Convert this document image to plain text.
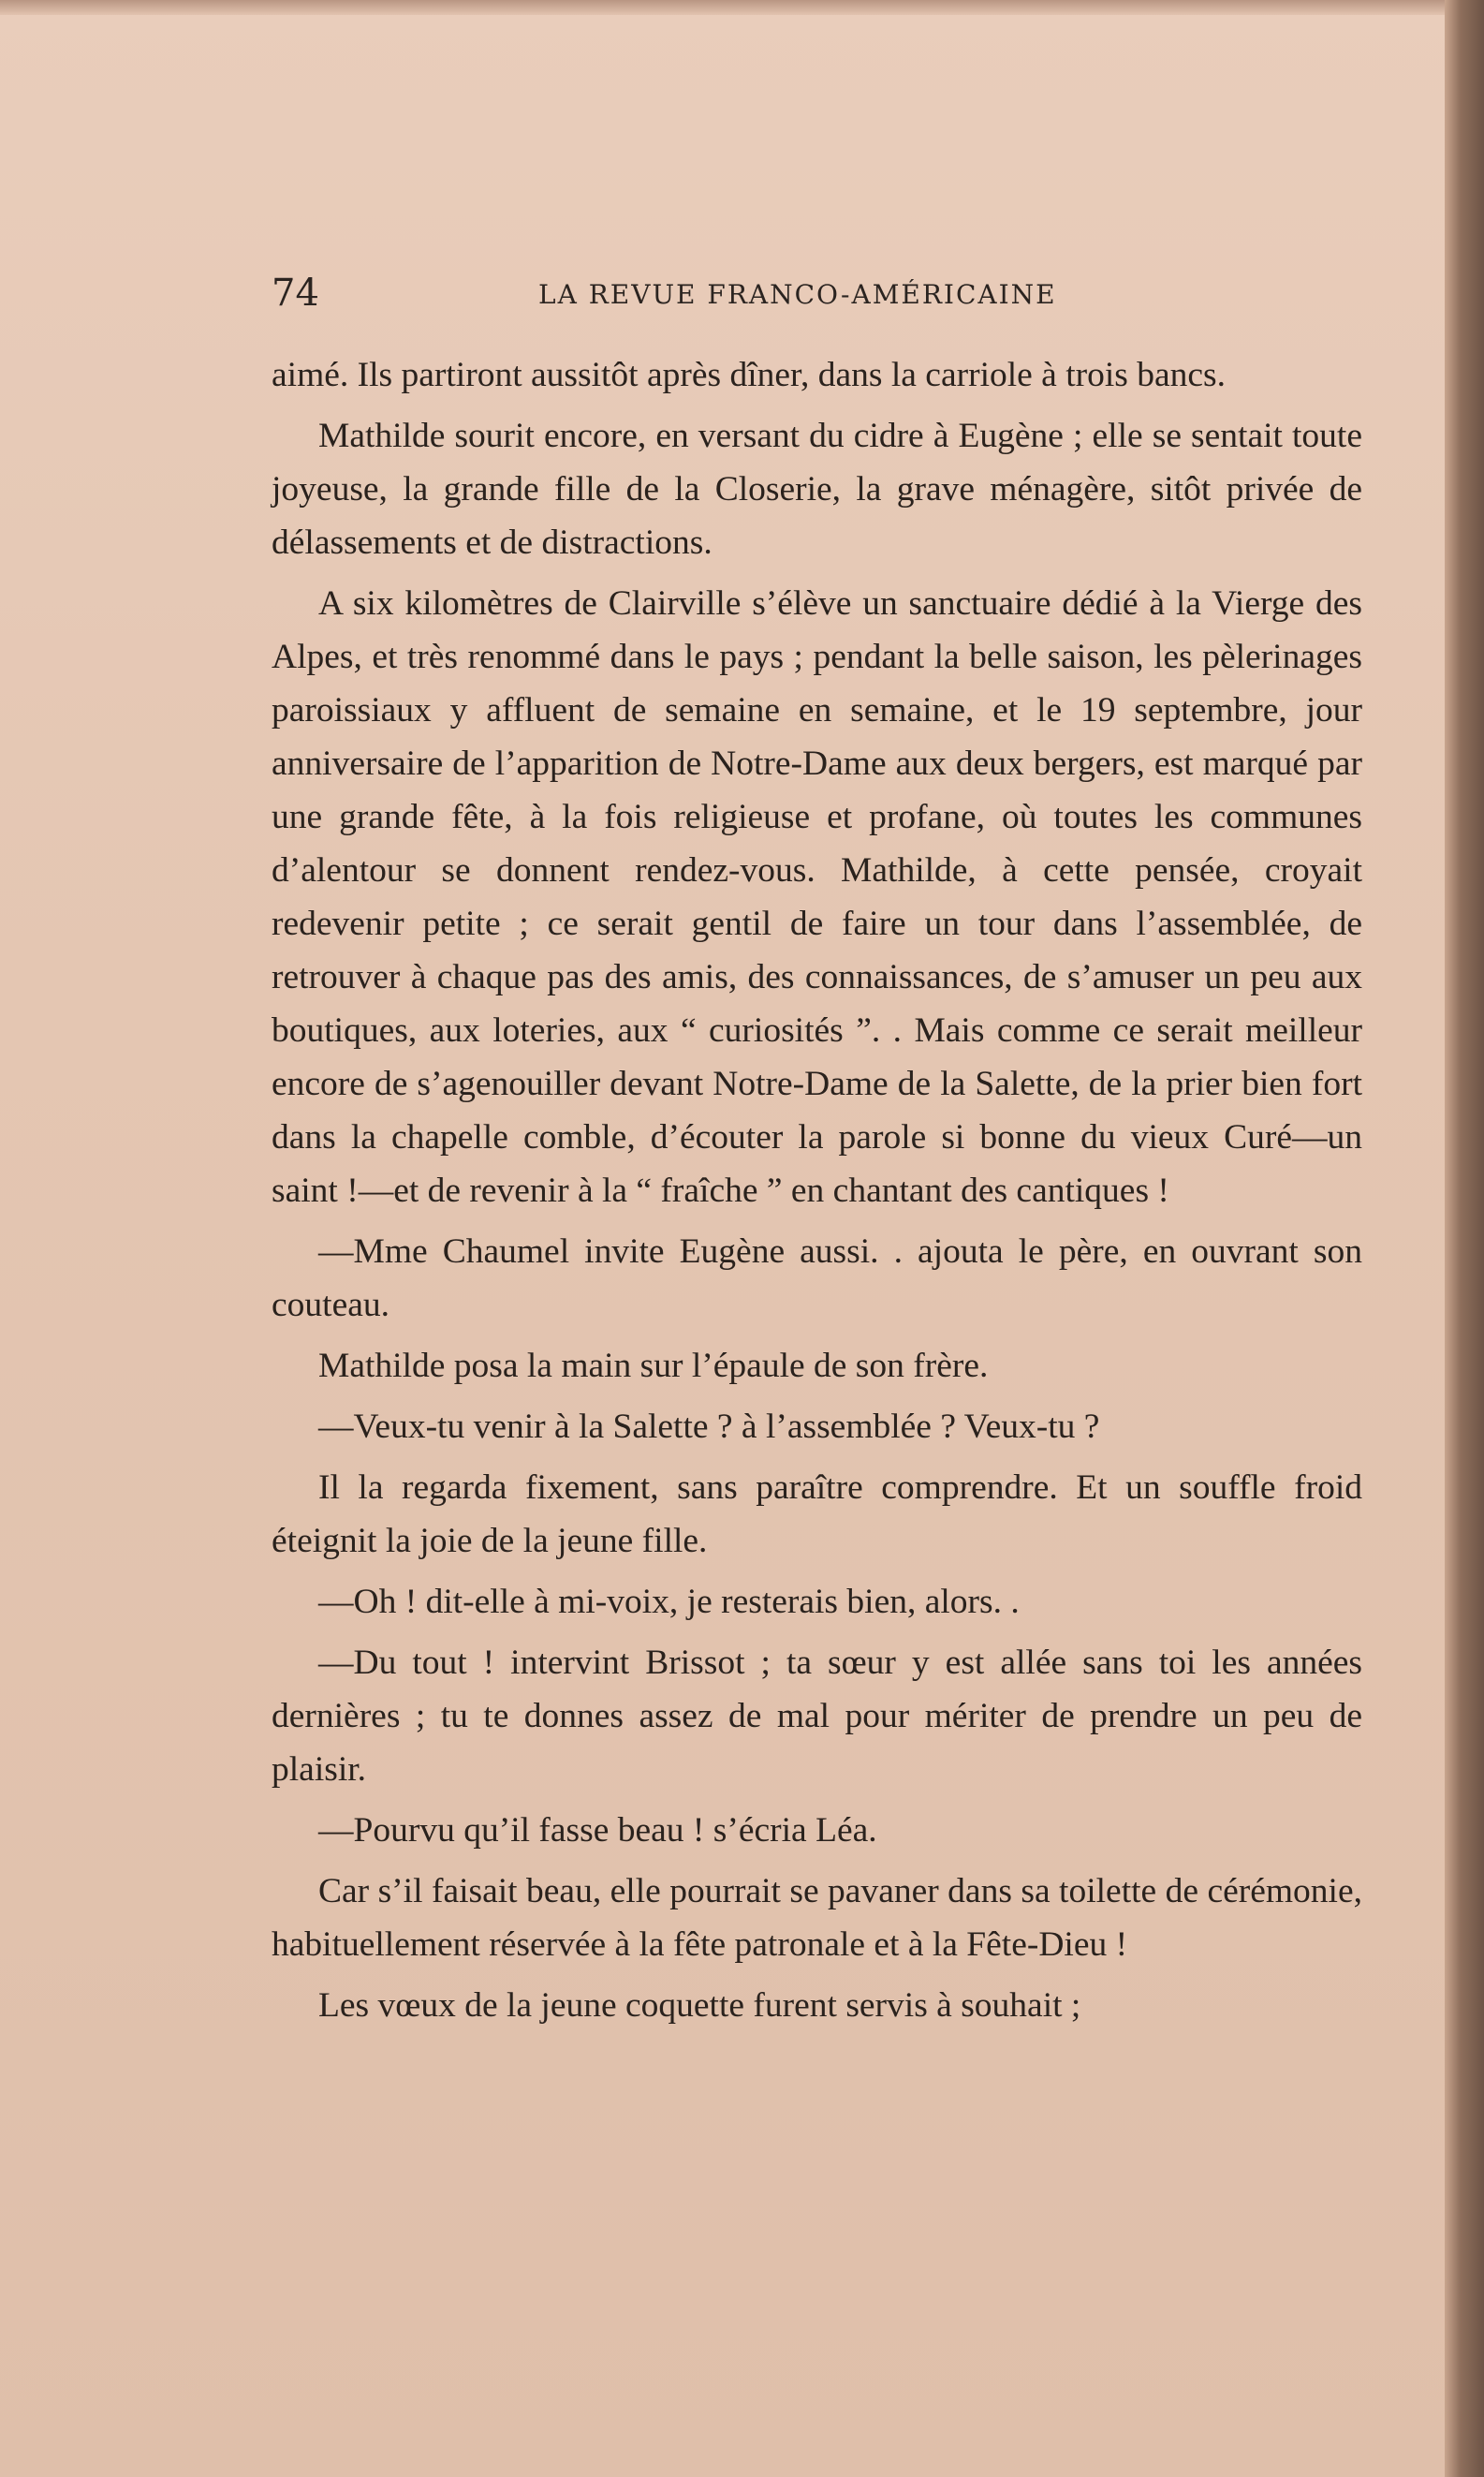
74	LA REVUE FRANCO-AMÉRICAINE

aimé. Ils partiront aussitôt après dîner, dans la carriole à trois bancs.

Mathilde sourit encore, en versant du cidre à Eugène ; elle se sentait toute joyeuse, la grande fille de la Closerie, la grave ménagère, sitôt privée de délassements et de distractions.

A six kilomètres de Clairville s’élève un sanctuaire dédié à la Vierge des Alpes, et très renommé dans le pays ; pendant la belle saison, les pèlerinages paroissiaux y affluent de semaine en semaine, et le 19 septembre, jour anniversaire de l’apparition de Notre-Dame aux deux bergers, est marqué par une grande fête, à la fois religieuse et profane, où toutes les communes d’alentour se donnent rendez-vous. Mathilde, à cette pensée, croyait redevenir petite ; ce serait gentil de faire un tour dans l’assemblée, de retrouver à chaque pas des amis, des connaissances, de s’amuser un peu aux boutiques, aux loteries, aux “ curiosités ”. . Mais comme ce serait meilleur encore de s’agenouiller devant Notre-Dame de la Salette, de la prier bien fort dans la chapelle comble, d’écouter la parole si bonne du vieux Curé—un saint !—et de revenir à la “ fraîche ” en chantant des cantiques !

—Mme Chaumel invite Eugène aussi. . ajouta le père, en ouvrant son couteau.

Mathilde posa la main sur l’épaule de son frère.

—Veux-tu venir à la Salette ? à l’assemblée ? Veux-tu ?

Il la regarda fixement, sans paraître comprendre. Et un souffle froid éteignit la joie de la jeune fille.

—Oh ! dit-elle à mi-voix, je resterais bien, alors. .

—Du tout ! intervint Brissot ; ta sœur y est allée sans toi les années dernières ; tu te donnes assez de mal pour mériter de prendre un peu de plaisir.

—Pourvu qu’il fasse beau ! s’écria Léa.

Car s’il faisait beau, elle pourrait se pavaner dans sa toilette de cérémonie, habituellement réservée à la fête patronale et à la Fête-Dieu !

Les vœux de la jeune coquette furent servis à souhait ;
